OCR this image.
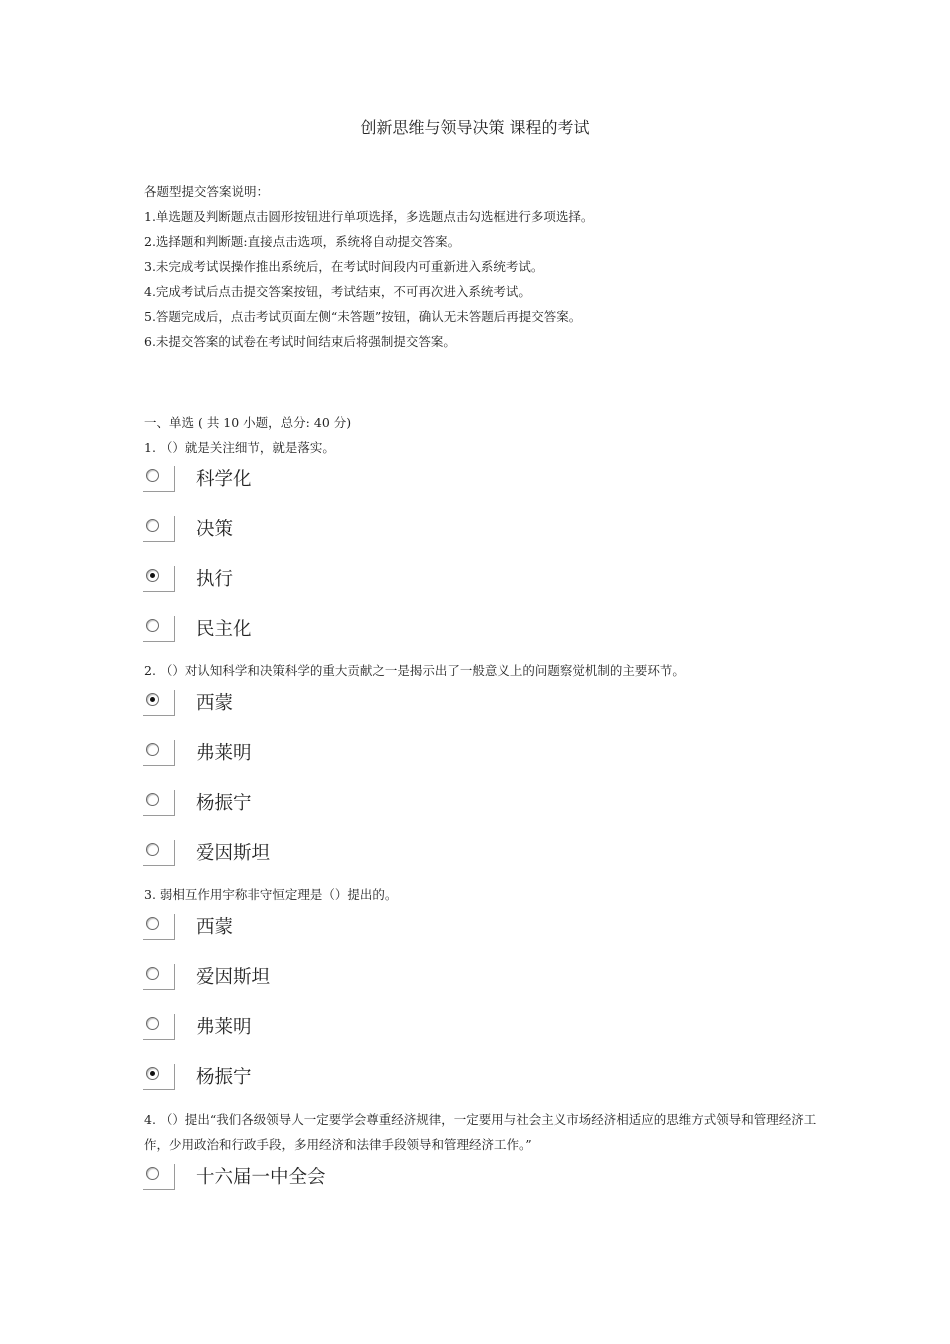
创新思维与领导决策 课程的考试
各题型提交答案说明：
1.单选题及判断题点击圆形按钮进行单项选择，多选题点击勾选框进行多项选择。
2.选择题和判断题:直接点击选项，系统将自动提交答案。
3.未完成考试误操作推出系统后，在考试时间段内可重新进入系统考试。
4.完成考试后点击提交答案按钮，考试结束，不可再次进入系统考试。
5.答题完成后，点击考试页面左侧“未答题”按钮，确认无未答题后再提交答案。
6.未提交答案的试卷在考试时间结束后将强制提交答案。
一、单选 ( 共 10 小题，总分: 40 分)
1. （）就是关注细节，就是落实。
科学化
决策
执行
民主化
2. （）对认知科学和决策科学的重大贡献之一是揭示出了一般意义上的问题察觉机制的主要环节。
西蒙
弗莱明
杨振宁
爱因斯坦
3. 弱相互作用宇称非守恒定理是（）提出的。
西蒙
爱因斯坦
弗莱明
杨振宁
4. （）提出“我们各级领导人一定要学会尊重经济规律，一定要用与社会主义市场经济相适应的思维方式领导和管理经济工作，少用政治和行政手段，多用经济和法律手段领导和管理经济工作。”
十六届一中全会
